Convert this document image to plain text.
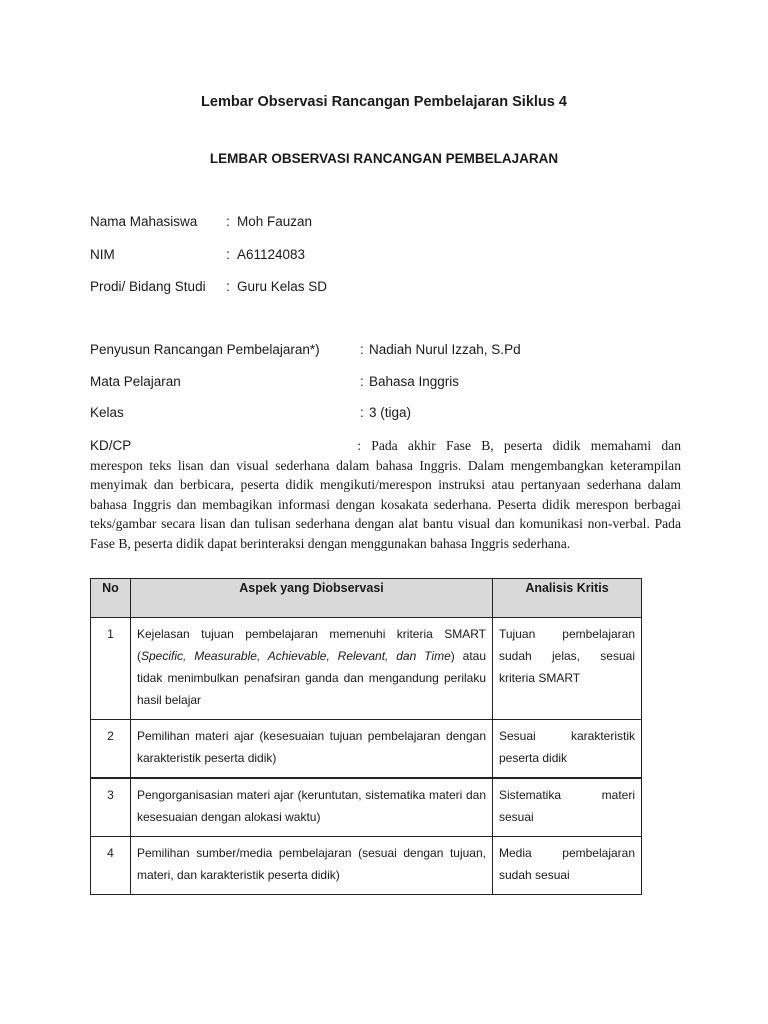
Lembar Observasi Rancangan Pembelajaran Siklus 4
LEMBAR OBSERVASI RANCANGAN PEMBELAJARAN
Nama Mahasiswa : Moh Fauzan
NIM	: A61124083
Prodi/ Bidang Studi : Guru Kelas SD
Penyusun Rancangan Pembelajaran*)	: Nadiah Nurul Izzah, S.Pd
Mata Pelajaran	: Bahasa Inggris
Kelas	: 3 (tiga)
KD/CP	: Pada akhir Fase B, peserta didik memahami dan merespon teks lisan dan visual sederhana dalam bahasa Inggris. Dalam mengembangkan keterampilan menyimak dan berbicara, peserta didik mengikuti/merespon instruksi atau pertanyaan sederhana dalam bahasa Inggris dan membagikan informasi dengan kosakata sederhana. Peserta didik merespon berbagai teks/gambar secara lisan dan tulisan sederhana dengan alat bantu visual dan komunikasi non-verbal. Pada Fase B, peserta didik dapat berinteraksi dengan menggunakan bahasa Inggris sederhana.
No	Aspek yang Diobservasi	Analisis Kritis
1	Kejelasan tujuan pembelajaran memenuhi kriteria SMART (Specific, Measurable, Achievable, Relevant, dan Time) atau tidak menimbulkan penafsiran ganda dan mengandung perilaku hasil belajar	Tujuan pembelajaran sudah jelas, sesuai kriteria SMART
2	Pemilihan materi ajar (kesesuaian tujuan pembelajaran dengan karakteristik peserta didik)	Sesuai karakteristik peserta didik
3	Pengorganisasian materi ajar (keruntutan, sistematika materi dan kesesuaian dengan alokasi waktu)	Sistematika materi sesuai
4	Pemilihan sumber/media pembelajaran (sesuai dengan tujuan, materi, dan karakteristik peserta didik)	Media pembelajaran sudah sesuai
